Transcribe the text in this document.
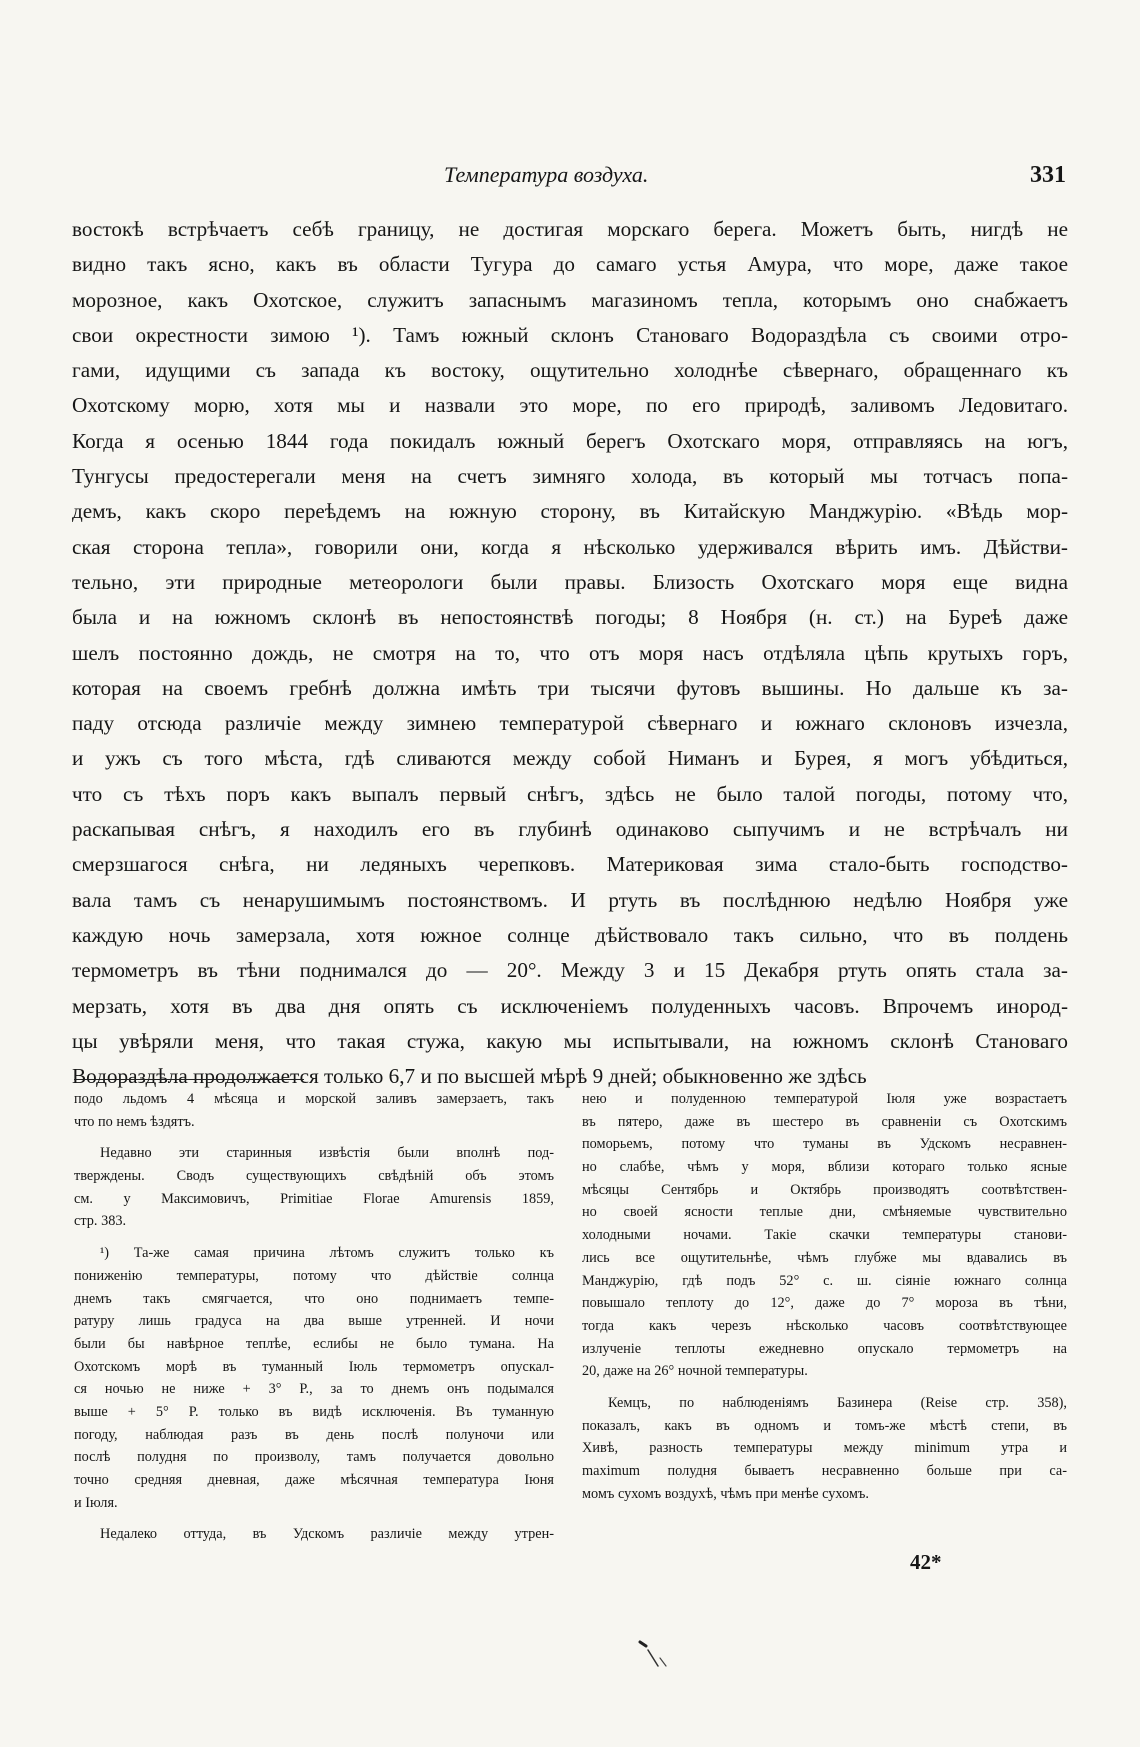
Температура воздуха.	331
востокѣ встрѣчаетъ себѣ границу, не достигая морскаго берега. Можетъ быть, нигдѣ не
видно такъ ясно, какъ въ области Тугура до самаго устья Амура, что море, даже такое
морозное, какъ Охотское, служитъ запаснымъ магазиномъ тепла, которымъ оно снабжаетъ
свои окрестности зимою ¹). Тамъ южный склонъ Становаго Водораздѣла съ своими отро-
гами, идущими съ запада къ востоку, ощутительно холоднѣе сѣвернаго, обращеннаго къ
Охотскому морю, хотя мы и назвали это море, по его природѣ, заливомъ Ледовитаго.
Когда я осенью 1844 года покидалъ южный берегъ Охотскаго моря, отправляясь на югъ,
Тунгусы предостерегали меня на счетъ зимняго холода, въ который мы тотчасъ попа-
демъ, какъ скоро переѣдемъ на южную сторону, въ Китайскую Манджурію. «Вѣдь мор-
ская сторона тепла», говорили они, когда я нѣсколько удерживался вѣрить имъ. Дѣйстви-
тельно, эти природные метеорологи были правы. Близость Охотскаго моря еще видна
была и на южномъ склонѣ въ непостоянствѣ погоды; 8 Ноября (н. ст.) на Буреѣ даже
шелъ постоянно дождь, не смотря на то, что отъ моря насъ отдѣляла цѣпь крутыхъ горъ,
которая на своемъ гребнѣ должна имѣть три тысячи футовъ вышины. Но дальше къ за-
паду отсюда различіе между зимнею температурой сѣвернаго и южнаго склоновъ изчезла,
и ужъ съ того мѣста, гдѣ сливаются между собой Ниманъ и Бурея, я могъ убѣдиться,
что съ тѣхъ поръ какъ выпалъ первый снѣгъ, здѣсь не было талой погоды, потому что,
раскапывая снѣгъ, я находилъ его въ глубинѣ одинаково сыпучимъ и не встрѣчалъ ни
смерзшагося снѣга, ни ледяныхъ черепковъ. Материковая зима стало-быть господство-
вала тамъ съ ненарушимымъ постоянствомъ. И ртуть въ послѣднюю недѣлю Ноября уже
каждую ночь замерзала, хотя южное солнце дѣйствовало такъ сильно, что въ полдень
термометръ въ тѣни поднимался до — 20°. Между 3 и 15 Декабря ртуть опять стала за-
мерзать, хотя въ два дня опять съ исключеніемъ полуденныхъ часовъ. Впрочемъ инород-
цы увѣряли меня, что такая стужа, какую мы испытывали, на южномъ склонѣ Становаго
Водораздѣла продолжается только 6,7 и по высшей мѣрѣ 9 дней; обыкновенно же здѣсь
подо льдомъ 4 мѣсяца и морской заливъ замерзаетъ, такъ
что по немъ ѣздятъ.
Недавно эти старинныя извѣстія были вполнѣ под-
тверждены. Сводъ существующихъ свѣдѣній объ этомъ
см. у Максимовичъ, Primitiae Florae Amurensis 1859,
стр. 383.
¹) Та-же самая причина лѣтомъ служитъ только къ
пониженію температуры, потому что дѣйствіе солнца
днемъ такъ смягчается, что оно поднимаетъ темпе-
ратуру лишь градуса на два выше утренней. И ночи
были бы навѣрное теплѣе, еслибы не было тумана. На
Охотскомъ морѣ въ туманный Іюль термометръ опускал-
ся ночью не ниже + 3° Р., за то днемъ онъ подымался
выше + 5° Р. только въ видѣ исключенія. Въ туманную
погоду, наблюдая разъ въ день послѣ полуночи или
послѣ полудня по произволу, тамъ получается довольно
точно средняя дневная, даже мѣсячная температура Іюня
и Іюля.
Недалеко оттуда, въ Удскомъ различіе между утрен-
нею и полуденною температурой Іюля уже возрастаетъ
въ пятеро, даже въ шестеро въ сравненіи съ Охотскимъ
поморьемъ, потому что туманы въ Удскомъ несравнен-
но слабѣе, чѣмъ у моря, вблизи котораго только ясные
мѣсяцы Сентябрь и Октябрь производятъ соотвѣтствен-
но своей ясности теплые дни, смѣняемые чувствительно
холодными ночами. Такіе скачки температуры станови-
лись все ощутительнѣе, чѣмъ глубже мы вдавались въ
Манджурію, гдѣ подъ 52° с. ш. сіяніе южнаго солнца
повышало теплоту до 12°, даже до 7° мороза въ тѣни,
тогда какъ черезъ нѣсколько часовъ соотвѣтствующее
излученіе теплоты ежедневно опускало термометръ на
20, даже на 26° ночной температуры.
Кемцъ, по наблюденіямъ Базинера (Reise стр. 358),
показалъ, какъ въ одномъ и томъ-же мѣстѣ степи, въ
Хивѣ, разность температуры между minimum утра и
maximum полудня бываетъ несравненно больше при са-
момъ сухомъ воздухѣ, чѣмъ при менѣе сухомъ.
42*
